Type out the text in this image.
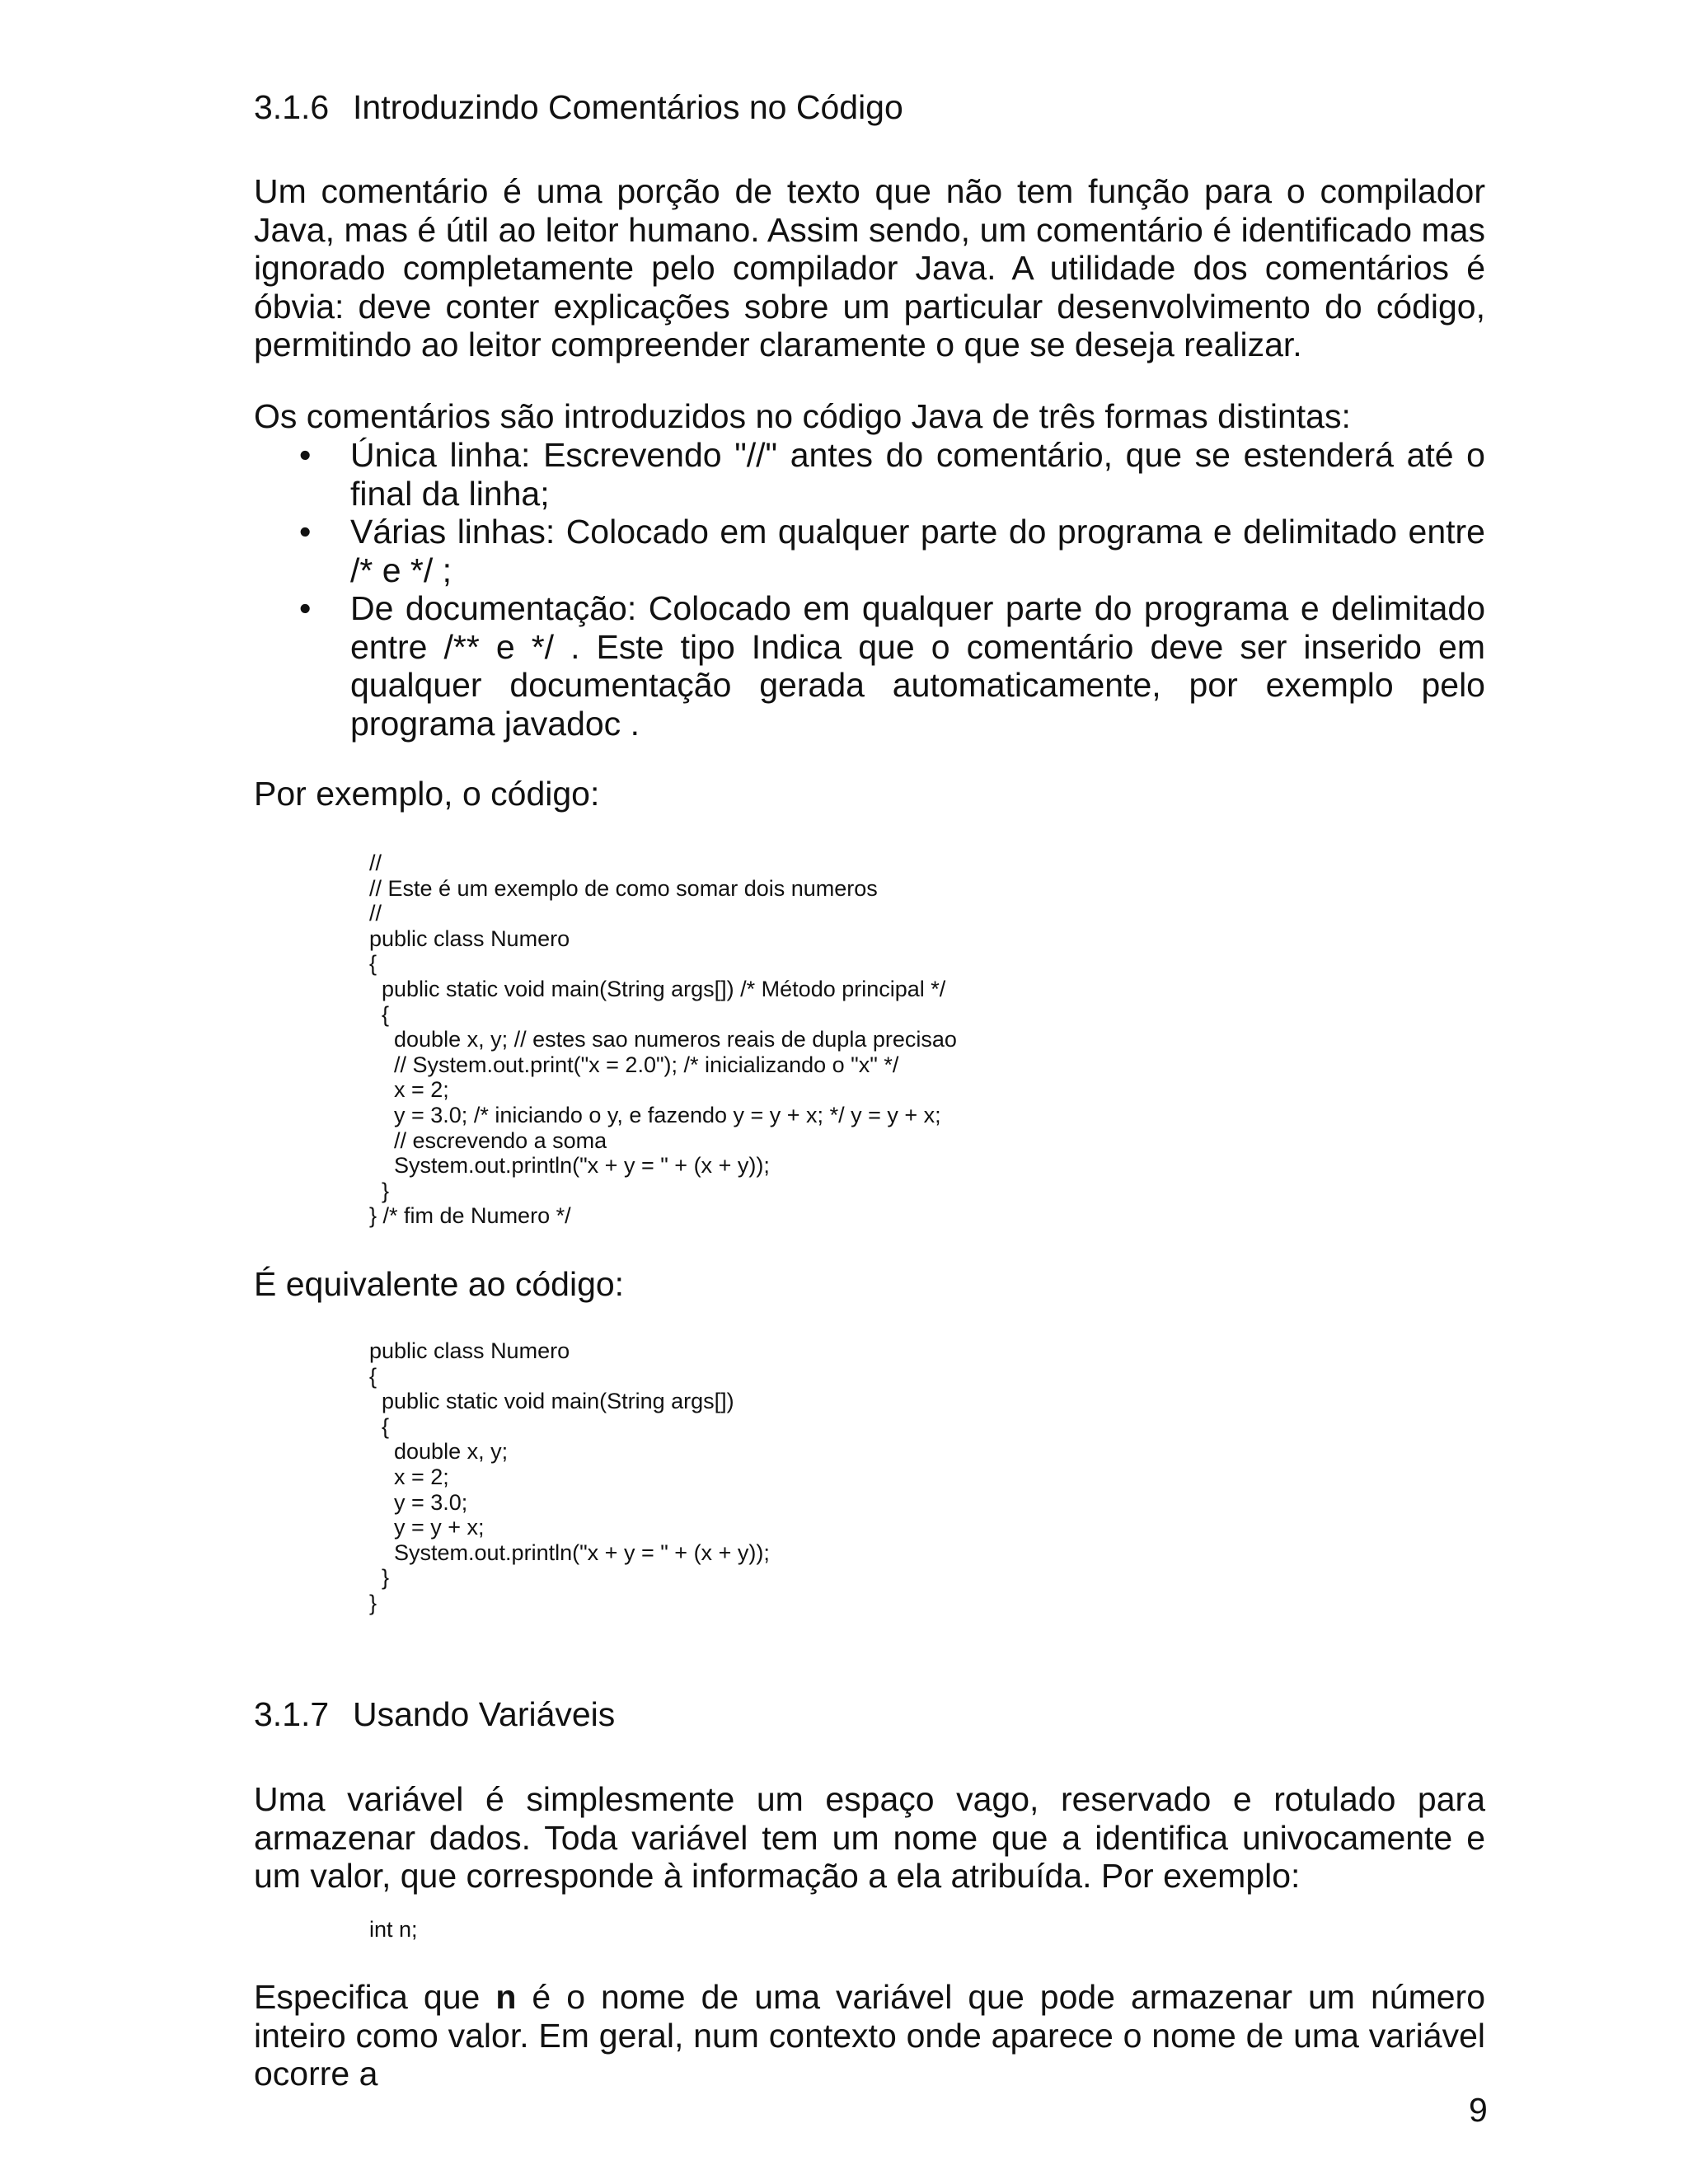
3.1.6 Introduzindo Comentários no Código
Um comentário é uma porção de texto que não tem função para o compilador Java, mas é útil ao leitor humano. Assim sendo, um comentário é identificado mas ignorado completamente pelo compilador Java. A utilidade dos comentários é óbvia: deve conter explicações sobre um particular desenvolvimento do código, permitindo ao leitor compreender claramente o que se deseja realizar.
Os comentários são introduzidos no código Java de três formas distintas:
• Única linha: Escrevendo "//" antes do comentário, que se estenderá até o final da linha;
• Várias linhas: Colocado em qualquer parte do programa e delimitado entre /* e */ ;
• De documentação: Colocado em qualquer parte do programa e delimitado entre /** e */ . Este tipo Indica que o comentário deve ser inserido em qualquer documentação gerada automaticamente, por exemplo pelo programa javadoc .
Por exemplo, o código:
//
// Este é um exemplo de como somar dois numeros
//
public class Numero
{
public static void main(String args[]) /* Método principal */
{
double x, y; // estes sao numeros reais de dupla precisao
// System.out.print("x = 2.0"); /* inicializando o "x" */
x = 2;
y = 3.0; /* iniciando o y, e fazendo y = y + x; */ y = y + x;
// escrevendo a soma
System.out.println("x + y = " + (x + y));
}
} /* fim de Numero */
É equivalente ao código:
public class Numero
{
public static void main(String args[])
{
double x, y;
x = 2;
y = 3.0;
y = y + x;
System.out.println("x + y = " + (x + y));
}
}
3.1.7 Usando Variáveis
Uma variável é simplesmente um espaço vago, reservado e rotulado para armazenar dados. Toda variável tem um nome que a identifica univocamente e um valor, que corresponde à informação a ela atribuída. Por exemplo:
int n;
Especifica que n é o nome de uma variável que pode armazenar um número inteiro como valor. Em geral, num contexto onde aparece o nome de uma variável ocorre a
9
